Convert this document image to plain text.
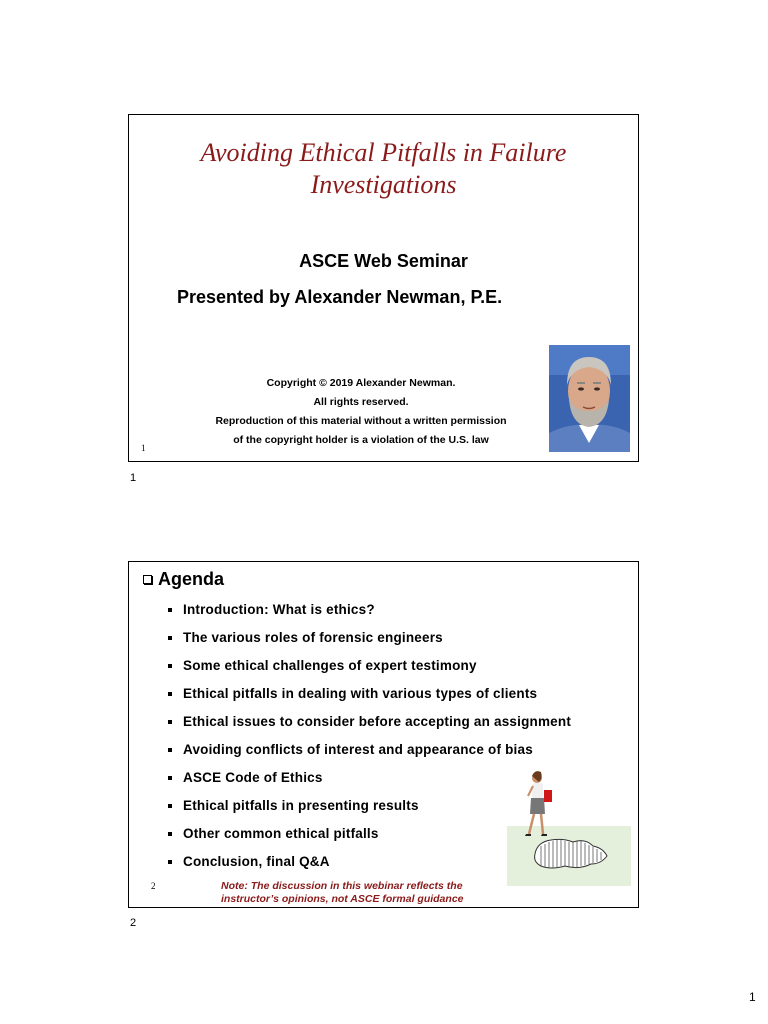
Avoiding Ethical Pitfalls in Failure
Investigations
ASCE Web Seminar
Presented by Alexander Newman, P.E.
Copyright © 2019 Alexander Newman.
All rights reserved.
Reproduction of this material without a written permission
of the copyright holder is a violation of the U.S. law
1
1
Agenda
Introduction: What is ethics?
The various roles of forensic engineers
Some ethical challenges of expert testimony
Ethical pitfalls in dealing with various types of clients
Ethical issues to consider before accepting an assignment
Avoiding conflicts of interest and appearance of bias
ASCE Code of Ethics
Ethical pitfalls in presenting results
Other common ethical pitfalls
Conclusion, final Q&A
2	Note: The discussion in this webinar reflects the
instructor’s opinions, not ASCE formal guidance
2
1
